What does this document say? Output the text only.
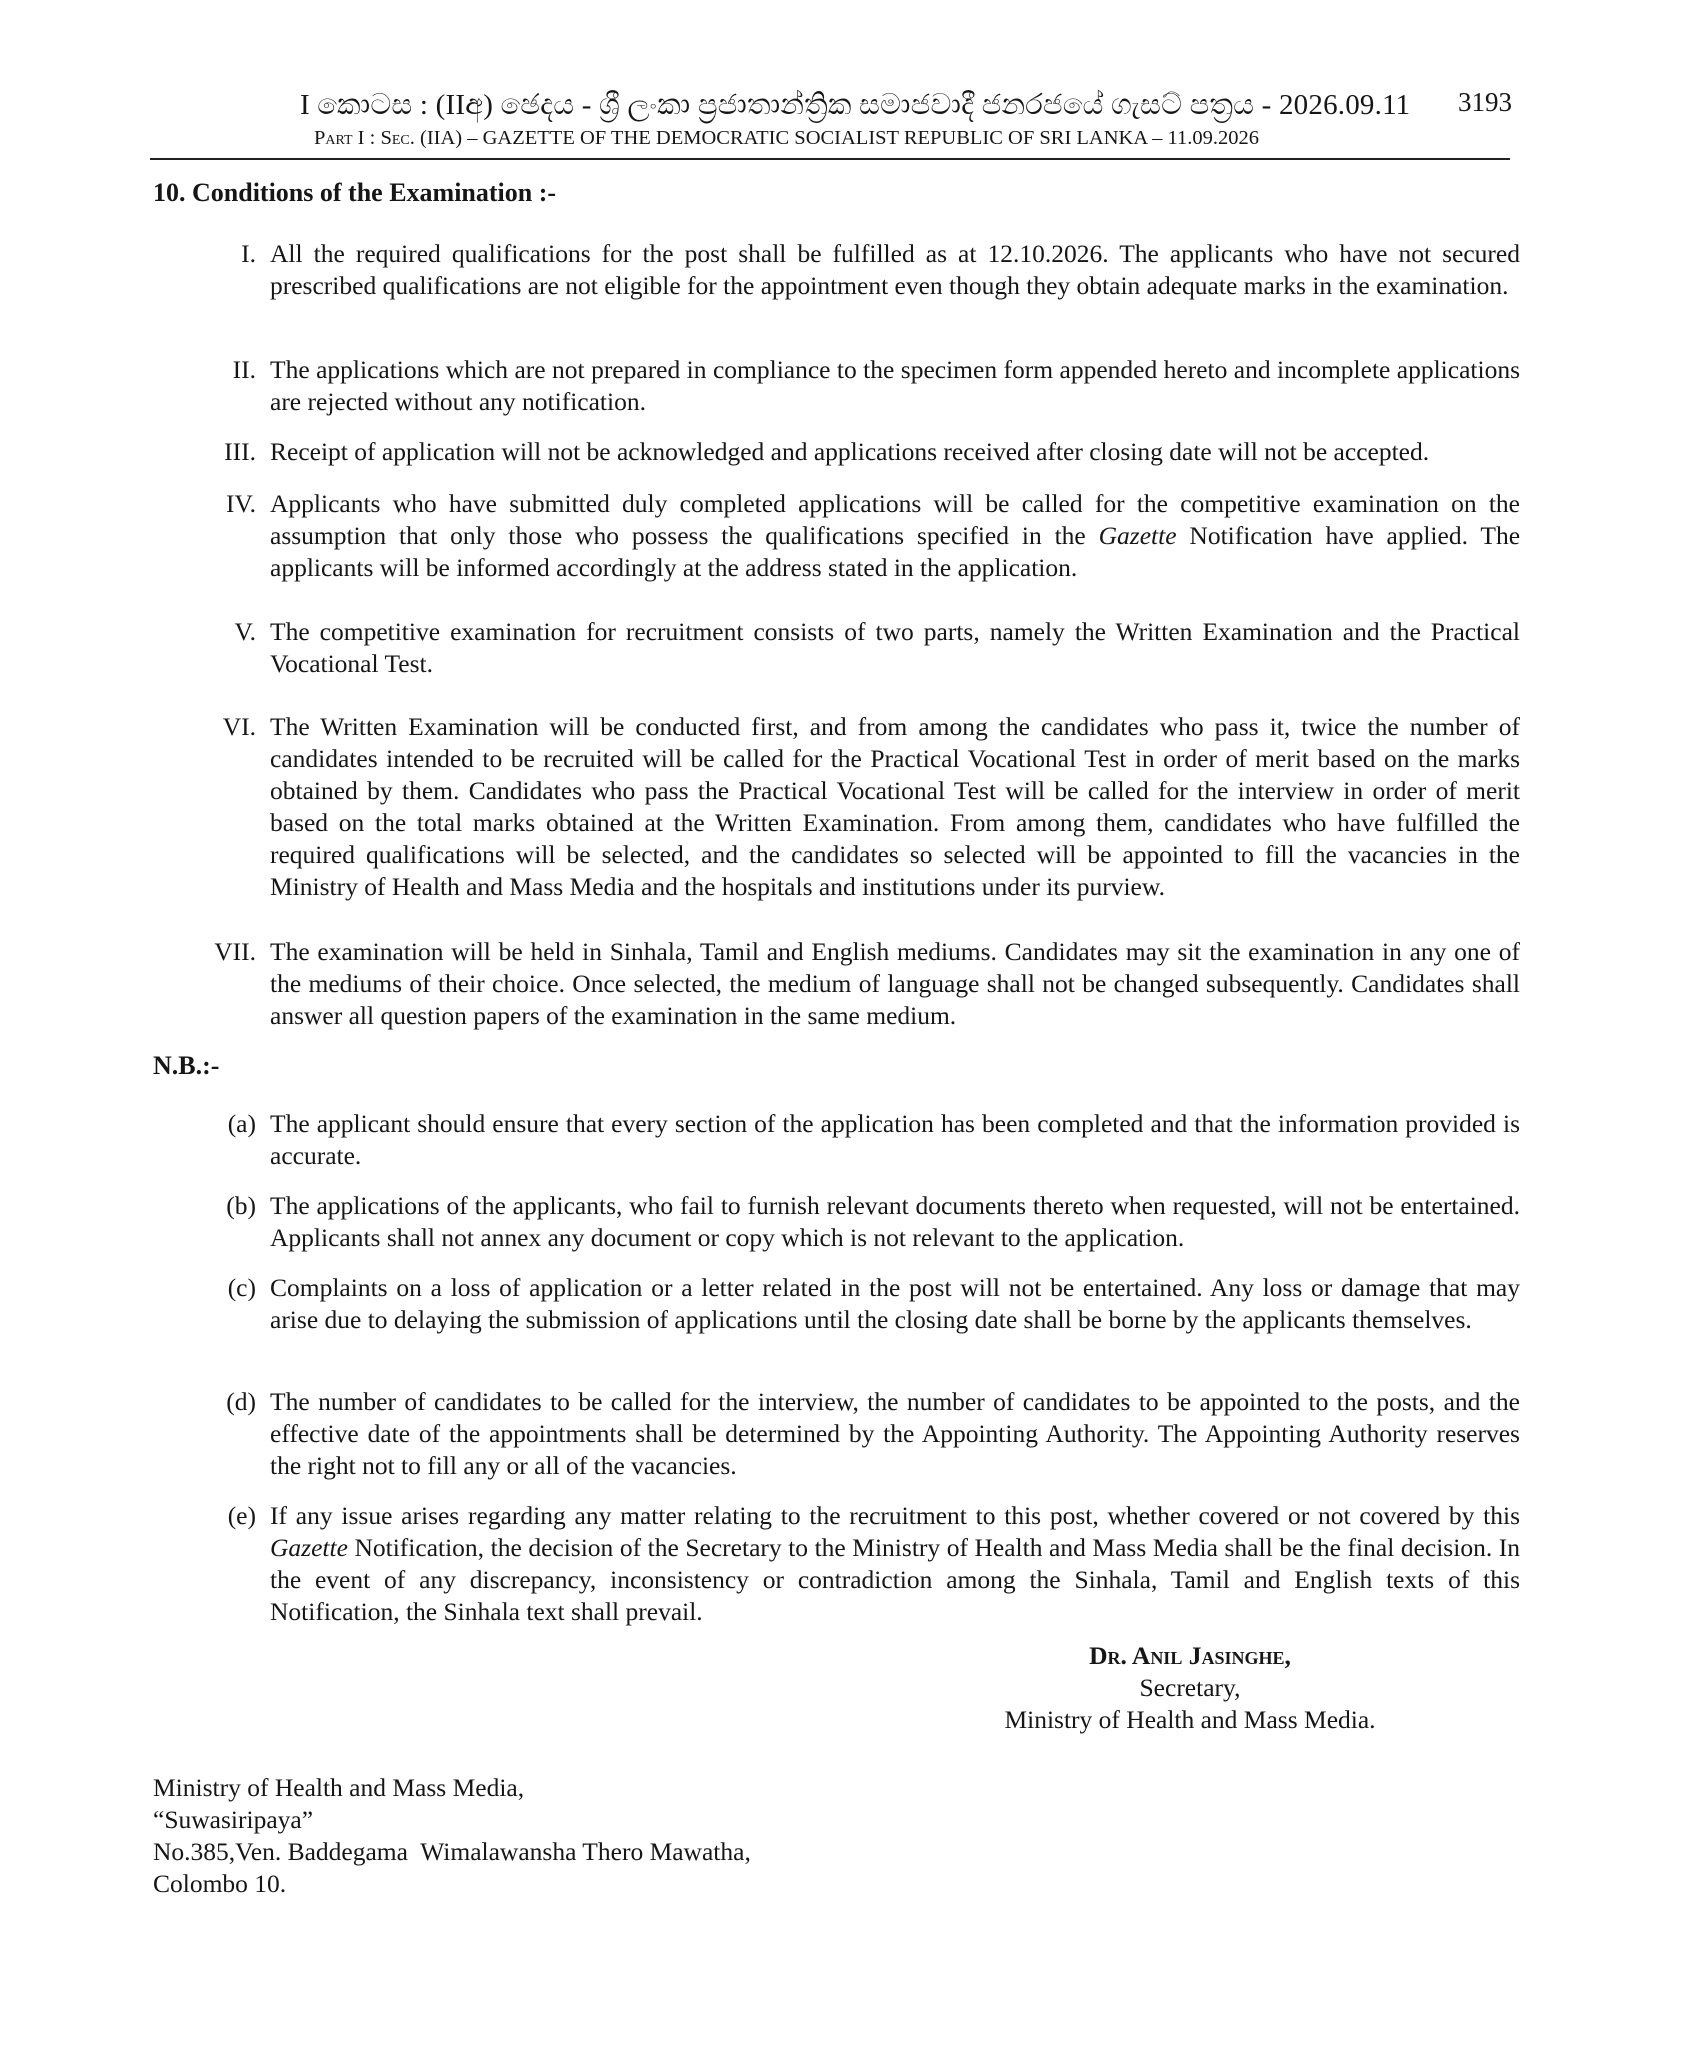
I කොටස : (IIඅ) ඡෙදය - ශ්‍රී ලංකා ප්‍රජාතාන්ත්‍රික සමාජවාදී ජනරජයේ ගැසට් පත්‍රය - 2026.09.11 3193
Part I : Sec. (IIA) – GAZETTE OF THE DEMOCRATIC SOCIALIST REPUBLIC OF SRI LANKA – 11.09.2026
10. Conditions of the Examination :-
I. All the required qualifications for the post shall be fulfilled as at 12.10.2026. The applicants who have not secured prescribed qualifications are not eligible for the appointment even though they obtain adequate marks in the examination.
II. The applications which are not prepared in compliance to the specimen form appended hereto and incomplete applications are rejected without any notification.
III. Receipt of application will not be acknowledged and applications received after closing date will not be accepted.
IV. Applicants who have submitted duly completed applications will be called for the competitive examination on the assumption that only those who possess the qualifications specified in the Gazette Notification have applied. The applicants will be informed accordingly at the address stated in the application.
V. The competitive examination for recruitment consists of two parts, namely the Written Examination and the Practical Vocational Test.
VI. The Written Examination will be conducted first, and from among the candidates who pass it, twice the number of candidates intended to be recruited will be called for the Practical Vocational Test in order of merit based on the marks obtained by them. Candidates who pass the Practical Vocational Test will be called for the interview in order of merit based on the total marks obtained at the Written Examination. From among them, candidates who have fulfilled the required qualifications will be selected, and the candidates so selected will be appointed to fill the vacancies in the Ministry of Health and Mass Media and the hospitals and institutions under its purview.
VII. The examination will be held in Sinhala, Tamil and English mediums. Candidates may sit the examination in any one of the mediums of their choice. Once selected, the medium of language shall not be changed subsequently. Candidates shall answer all question papers of the examination in the same medium.
N.B.:-
(a) The applicant should ensure that every section of the application has been completed and that the information provided is accurate.
(b) The applications of the applicants, who fail to furnish relevant documents thereto when requested, will not be entertained. Applicants shall not annex any document or copy which is not relevant to the application.
(c) Complaints on a loss of application or a letter related in the post will not be entertained. Any loss or damage that may arise due to delaying the submission of applications until the closing date shall be borne by the applicants themselves.
(d) The number of candidates to be called for the interview, the number of candidates to be appointed to the posts, and the effective date of the appointments shall be determined by the Appointing Authority. The Appointing Authority reserves the right not to fill any or all of the vacancies.
(e) If any issue arises regarding any matter relating to the recruitment to this post, whether covered or not covered by this Gazette Notification, the decision of the Secretary to the Ministry of Health and Mass Media shall be the final decision. In the event of any discrepancy, inconsistency or contradiction among the Sinhala, Tamil and English texts of this Notification, the Sinhala text shall prevail.
Dr. Anil Jasinghe,
Secretary,
Ministry of Health and Mass Media.
Ministry of Health and Mass Media,
“Suwasiripaya”
No.385,Ven. Baddegama  Wimalawansha Thero Mawatha,
Colombo 10.
